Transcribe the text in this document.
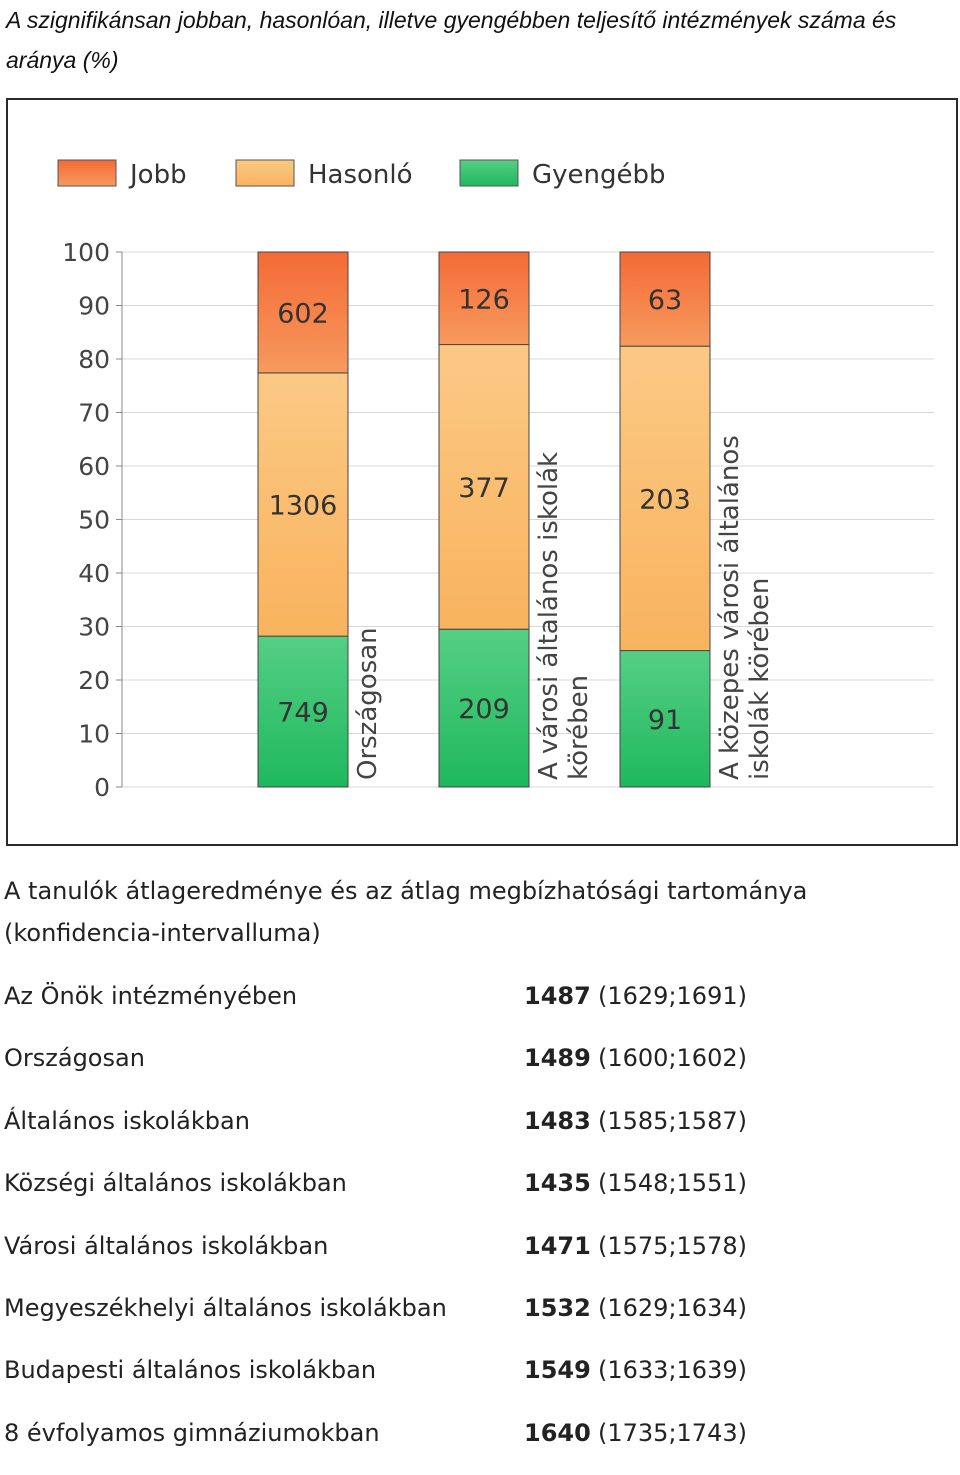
A szignifikánsan jobban, hasonlóan, illetve gyengébben teljesítő intézmények száma és aránya (%)
Jobb	Hasonló	Gyengébb
100
90
80
70
60
50
40
30
20
10
0
749
1306
602
209
377
126
91
203
63
Országosan	A városi általános iskolák körében	A közepes városi általános iskolák körében
A tanulók átlageredménye és az átlag megbízhatósági tartománya (konfidencia-intervalluma)
Az Önök intézményében	1487 (1629;1691)
Országosan	1489 (1600;1602)
Általános iskolákban	1483 (1585;1587)
Községi általános iskolákban	1435 (1548;1551)
Városi általános iskolákban	1471 (1575;1578)
Megyeszékhelyi általános iskolákban	1532 (1629;1634)
Budapesti általános iskolákban	1549 (1633;1639)
8 évfolyamos gimnáziumokban	1640 (1735;1743)
